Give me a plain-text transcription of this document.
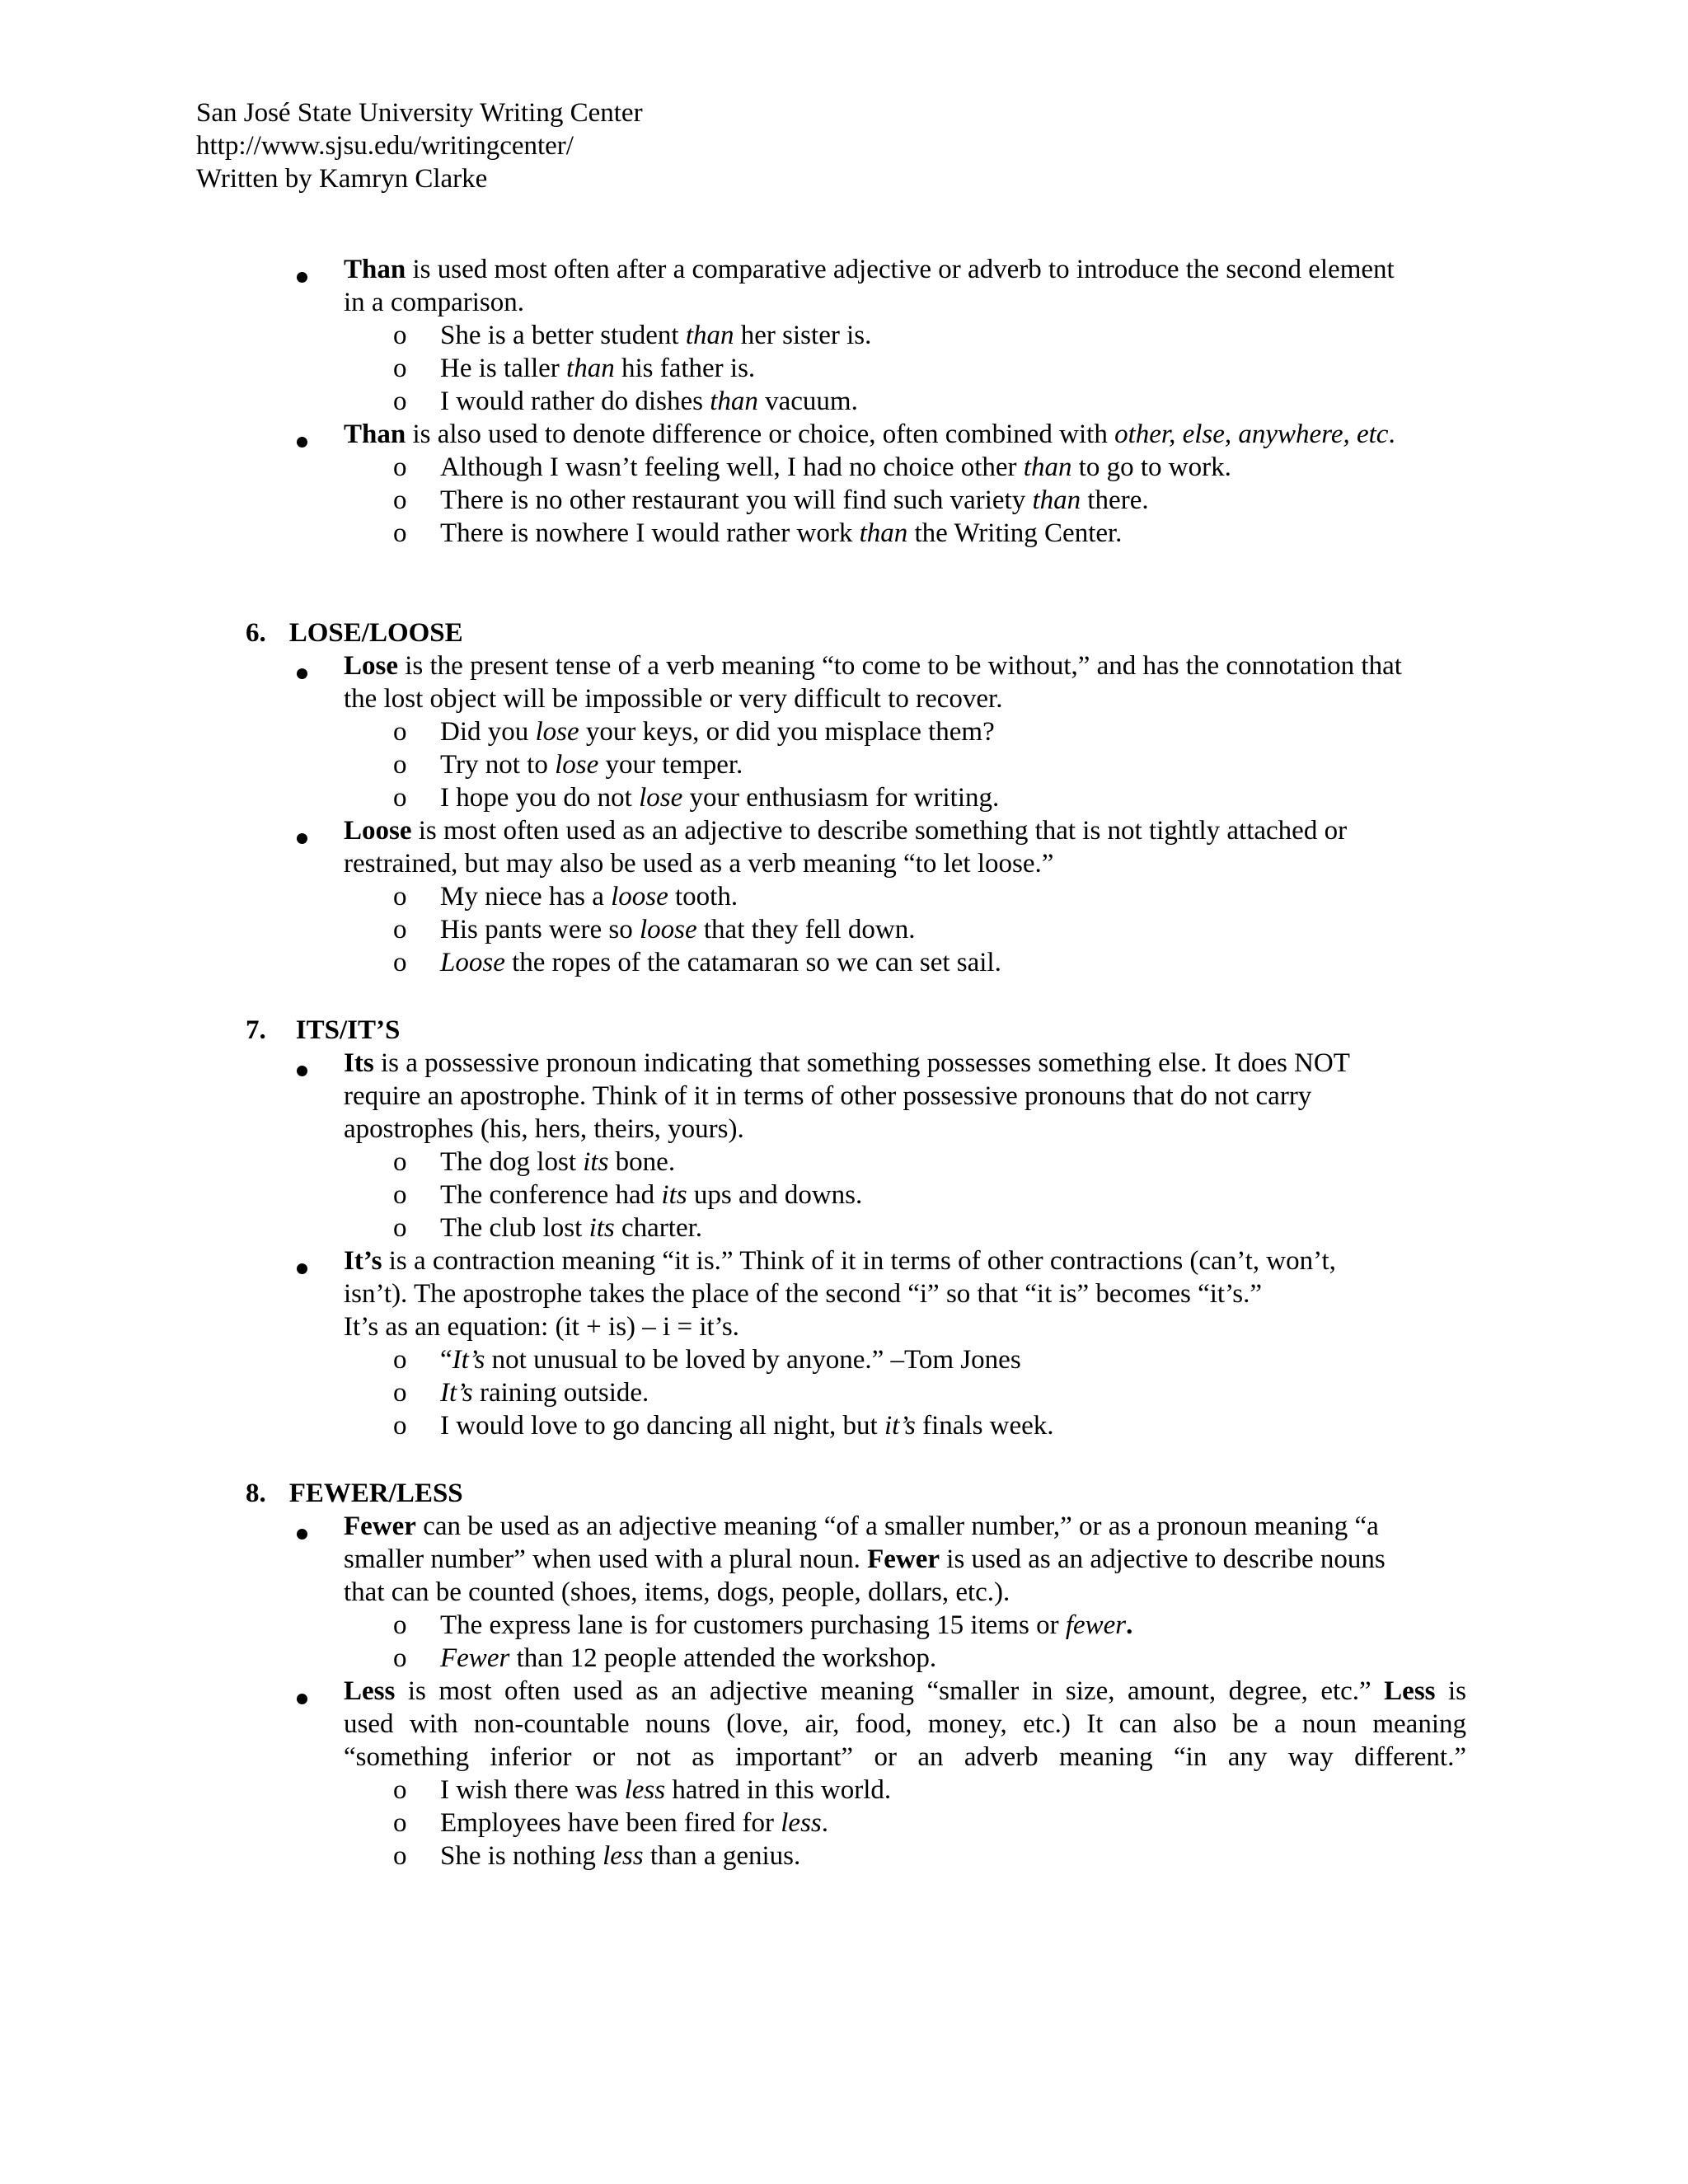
San José State University Writing Center
http://www.sjsu.edu/writingcenter/
Written by Kamryn Clarke
Than is used most often after a comparative adjective or adverb to introduce the second element
in a comparison.
o She is a better student than her sister is.
o He is taller than his father is.
o I would rather do dishes than vacuum.
Than is also used to denote difference or choice, often combined with other, else, anywhere, etc.
o Although I wasn’t feeling well, I had no choice other than to go to work.
o There is no other restaurant you will find such variety than there.
o There is nowhere I would rather work than the Writing Center.
6. LOSE/LOOSE
Lose is the present tense of a verb meaning “to come to be without,” and has the connotation that
the lost object will be impossible or very difficult to recover.
o Did you lose your keys, or did you misplace them?
o Try not to lose your temper.
o I hope you do not lose your enthusiasm for writing.
Loose is most often used as an adjective to describe something that is not tightly attached or
restrained, but may also be used as a verb meaning “to let loose.”
o My niece has a loose tooth.
o His pants were so loose that they fell down.
o Loose the ropes of the catamaran so we can set sail.
7. ITS/IT’S
Its is a possessive pronoun indicating that something possesses something else. It does NOT
require an apostrophe. Think of it in terms of other possessive pronouns that do not carry
apostrophes (his, hers, theirs, yours).
o The dog lost its bone.
o The conference had its ups and downs.
o The club lost its charter.
It’s is a contraction meaning “it is.” Think of it in terms of other contractions (can’t, won’t,
isn’t). The apostrophe takes the place of the second “i” so that “it is” becomes “it’s.”
It’s as an equation: (it + is) – i = it’s.
o “It’s not unusual to be loved by anyone.” –Tom Jones
o It’s raining outside.
o I would love to go dancing all night, but it’s finals week.
8. FEWER/LESS
Fewer can be used as an adjective meaning “of a smaller number,” or as a pronoun meaning “a
smaller number” when used with a plural noun. Fewer is used as an adjective to describe nouns
that can be counted (shoes, items, dogs, people, dollars, etc.).
o The express lane is for customers purchasing 15 items or fewer.
o Fewer than 12 people attended the workshop.
Less is most often used as an adjective meaning “smaller in size, amount, degree, etc.” Less is
used with non-countable nouns (love, air, food, money, etc.) It can also be a noun meaning
“something inferior or not as important” or an adverb meaning “in any way different.”
o I wish there was less hatred in this world.
o Employees have been fired for less.
o She is nothing less than a genius.
